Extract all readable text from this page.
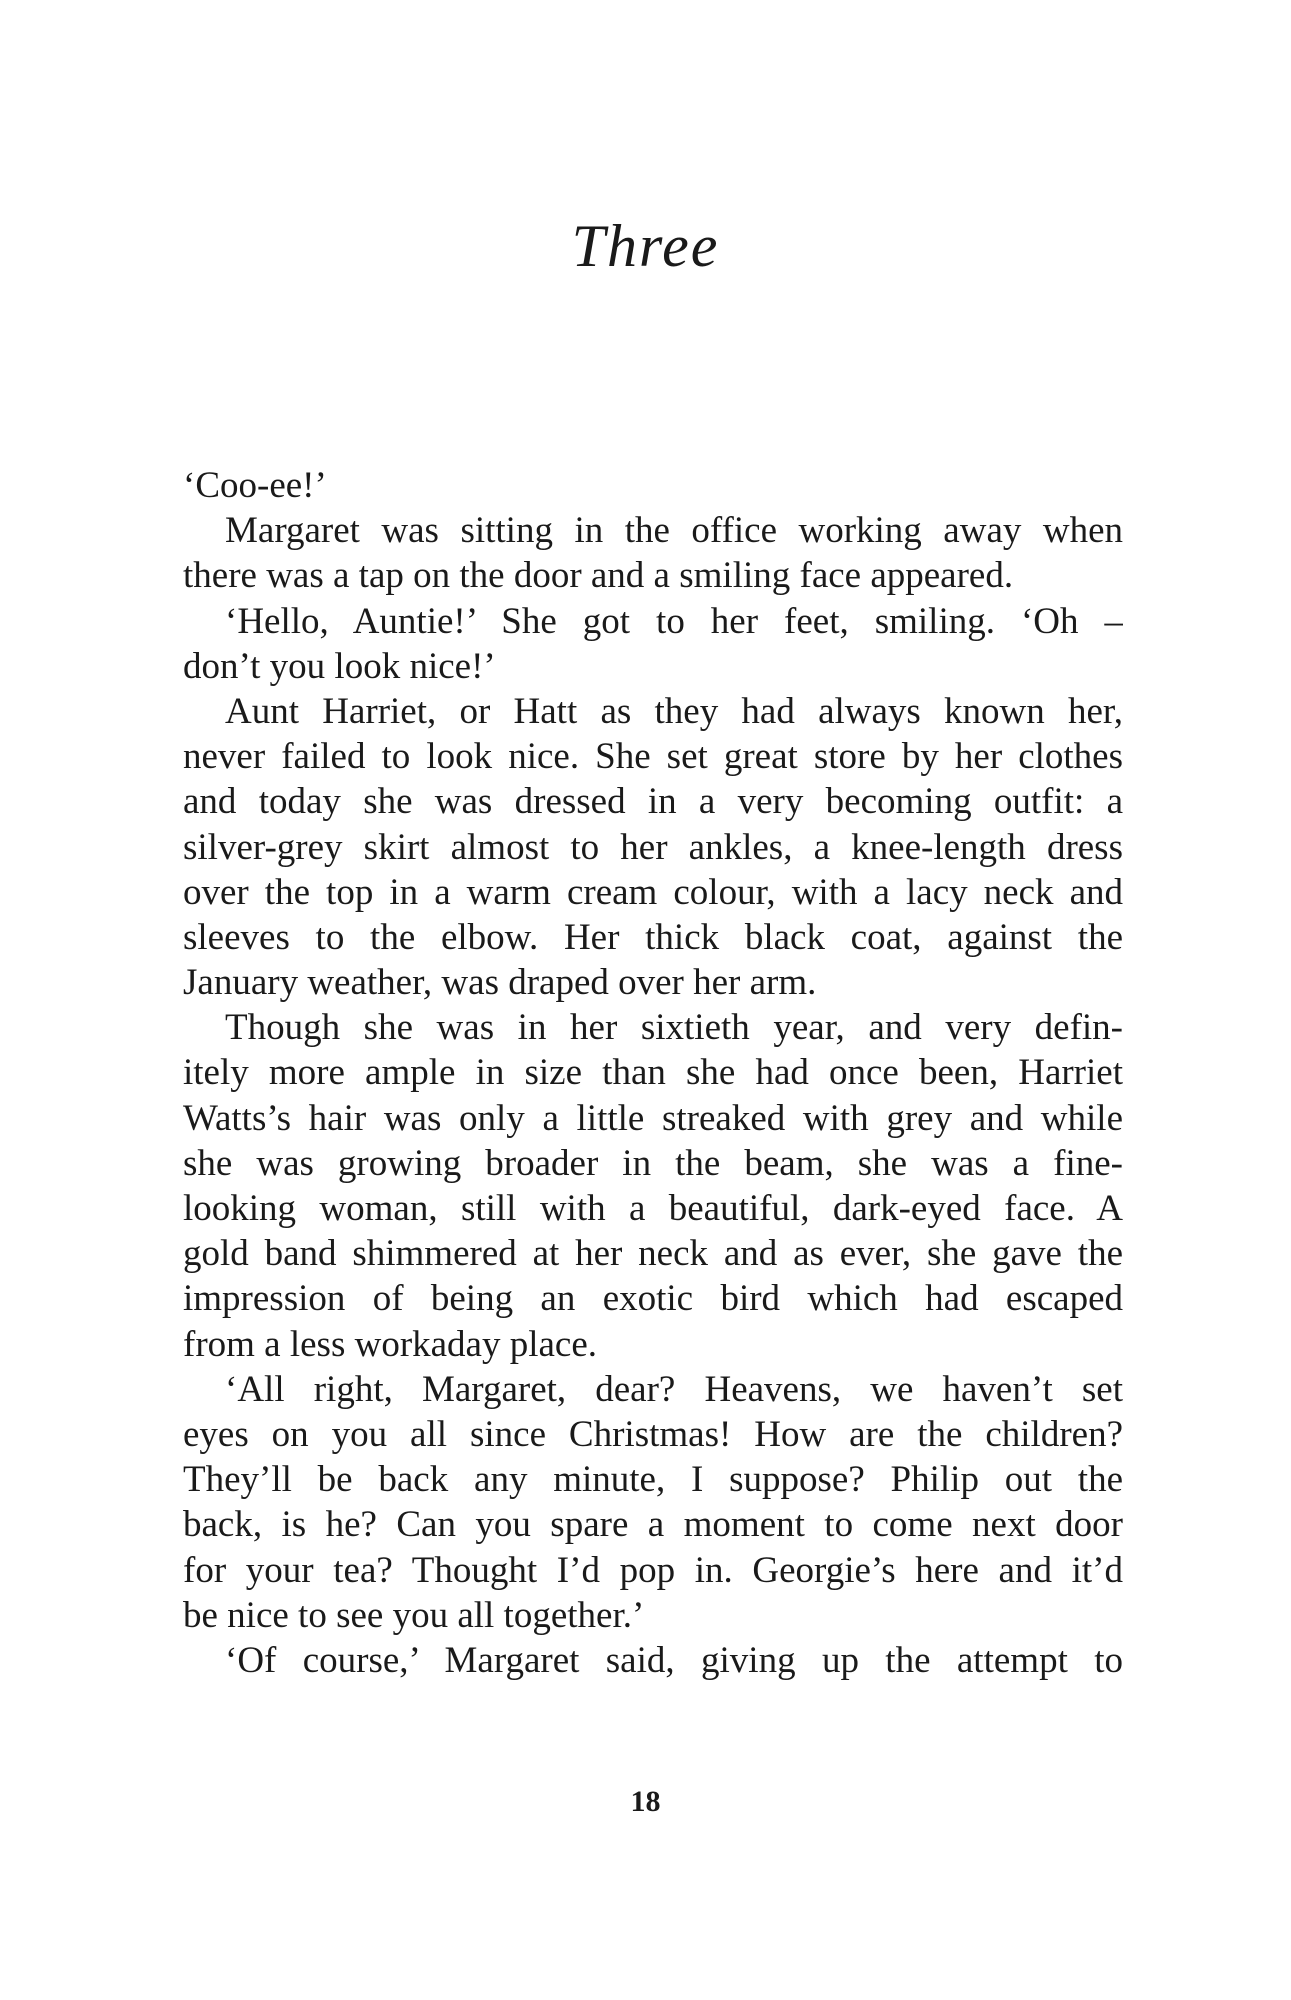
Three
‘Coo-ee!’
Margaret was sitting in the office working away when
there was a tap on the door and a smiling face appeared.
‘Hello, Auntie!’ She got to her feet, smiling. ‘Oh –
don’t you look nice!’
Aunt Harriet, or Hatt as they had always known her,
never failed to look nice. She set great store by her clothes
and today she was dressed in a very becoming outfit: a
silver-grey skirt almost to her ankles, a knee-length dress
over the top in a warm cream colour, with a lacy neck and
sleeves to the elbow. Her thick black coat, against the
January weather, was draped over her arm.
Though she was in her sixtieth year, and very defin-
itely more ample in size than she had once been, Harriet
Watts’s hair was only a little streaked with grey and while
she was growing broader in the beam, she was a fine-
looking woman, still with a beautiful, dark-eyed face. A
gold band shimmered at her neck and as ever, she gave the
impression of being an exotic bird which had escaped
from a less workaday place.
‘All right, Margaret, dear? Heavens, we haven’t set
eyes on you all since Christmas! How are the children?
They’ll be back any minute, I suppose? Philip out the
back, is he? Can you spare a moment to come next door
for your tea? Thought I’d pop in. Georgie’s here and it’d
be nice to see you all together.’
‘Of course,’ Margaret said, giving up the attempt to

18
